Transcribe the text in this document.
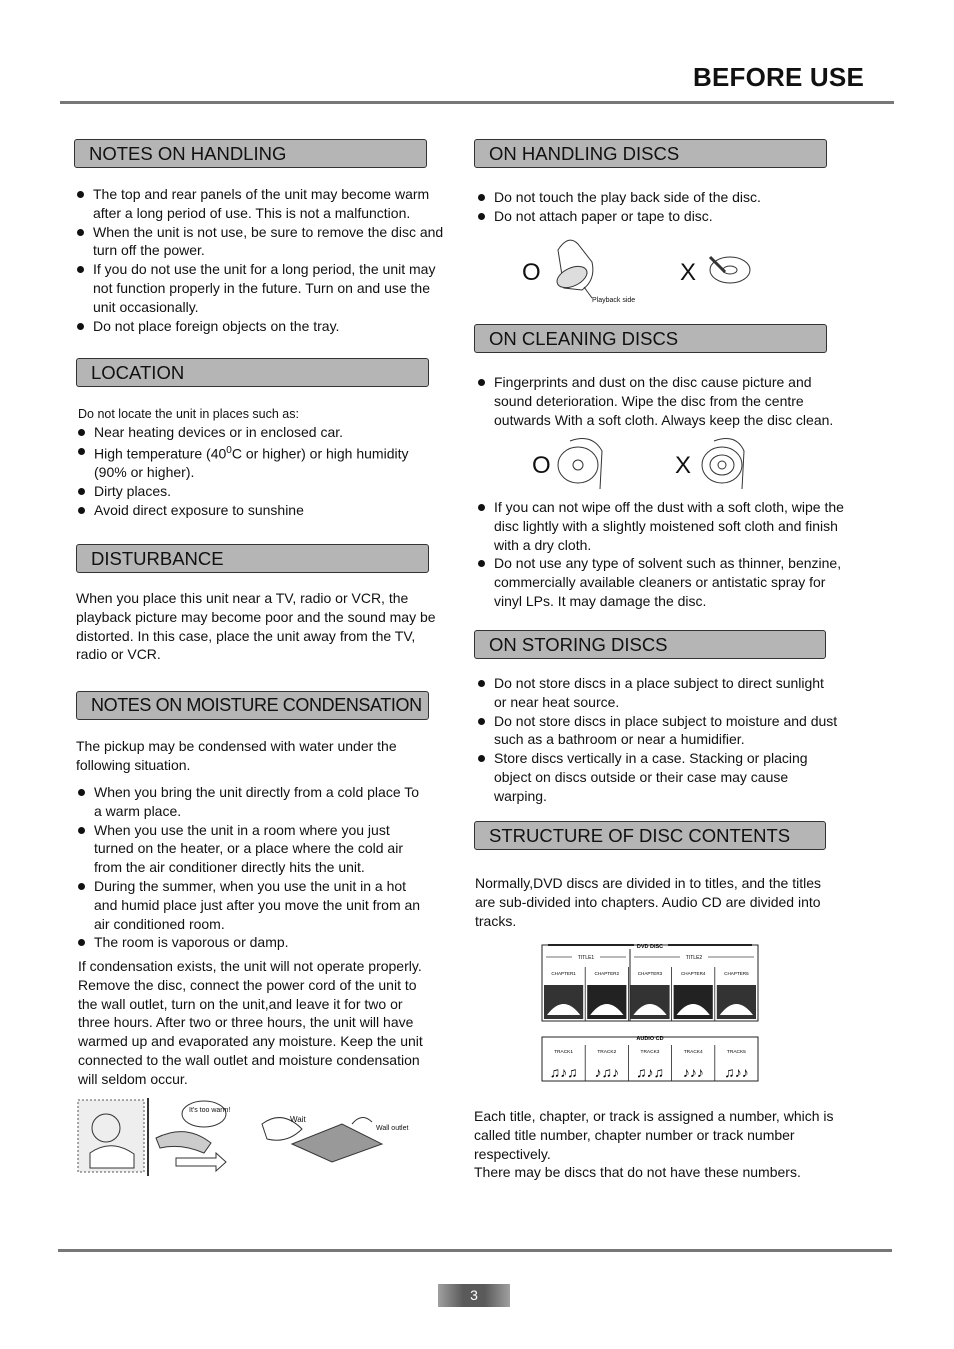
BEFORE USE
NOTES ON HANDLING
The top and rear panels of the unit may become warm after a long period of use. This is not a malfunction.
When the unit is not use, be sure to remove the disc and turn off the power.
If you do not use the unit for a long period, the unit may not function properly in the future. Turn on and use the unit occasionally.
Do not place foreign objects on the tray.
LOCATION
Do not locate the unit in places such as:
Near heating devices or in enclosed car.
High temperature ($40^0C$ or higher) or high humidity (90% or higher).
Dirty places.
Avoid direct exposure to sunshine
DISTURBANCE
When you place this unit near a TV, radio or VCR, the playback picture may become poor and the sound may be distorted. In this case, place the unit away from the TV, radio or VCR.
NOTES ON MOISTURE CONDENSATION
The pickup may be condensed with water under the following situation.
When you bring the unit directly from a cold place To a warm place.
When you use the unit in a room where you just turned on the heater, or a place where the cold air from the air conditioner directly hits the unit.
During the summer, when you use the unit in a hot and humid place just after you move the unit from an air conditioned room.
The room is vaporous or damp.
If condensation exists, the unit will not operate properly. Remove the disc, connect the power cord of the unit to the wall outlet, turn on the unit,and leave it for two or three hours. After two or three hours, the unit will have warmed up and evaporated any moisture. Keep the unit connected to the wall outlet and moisture condensation will seldom occur.
It's too warm!
Wait
Wall outlet
ON HANDLING DISCS
Do not touch the play back side of the disc.
Do not attach paper or tape to disc.
O
Playback side
X
ON CLEANING DISCS
Fingerprints and dust on the disc cause picture and sound deterioration. Wipe the disc from the centre outwards With a soft cloth. Always keep the disc clean.
O	X
If you can not wipe off the dust with a soft cloth, wipe the disc lightly with a slightly moistened soft cloth and finish with a dry cloth.
Do not use any type of solvent such as thinner, benzine, commercially available cleaners or antistatic spray for vinyl LPs. It may damage the disc.
ON STORING DISCS
Do not store discs in a place subject to direct sunlight or near heat source.
Do not store discs in place subject to moisture and dust such as a bathroom or near a humidifier.
Store discs vertically in a case. Stacking or placing object on discs outside or their case may cause warping.
STRUCTURE OF DISC CONTENTS
Normally,DVD discs are divided in to titles, and the titles are sub-divided into chapters. Audio CD are divided into tracks.
DVD DISC
TITLE1	TITLE2
CHAPTER1	CHAPTER2	CHAPTER3	CHAPTER4	CHAPTER5
AUDIO CD
TRACK1	TRACK2	TRACK3	TRACK4	TRACK5
♫♪♫ ♪♫♪ ♫♪♫ ♪♪♪ ♫♪♪
Each title, chapter, or track is assigned a number, which is called title number, chapter number or track number respectively.
There may be discs that do not have these numbers.
3
